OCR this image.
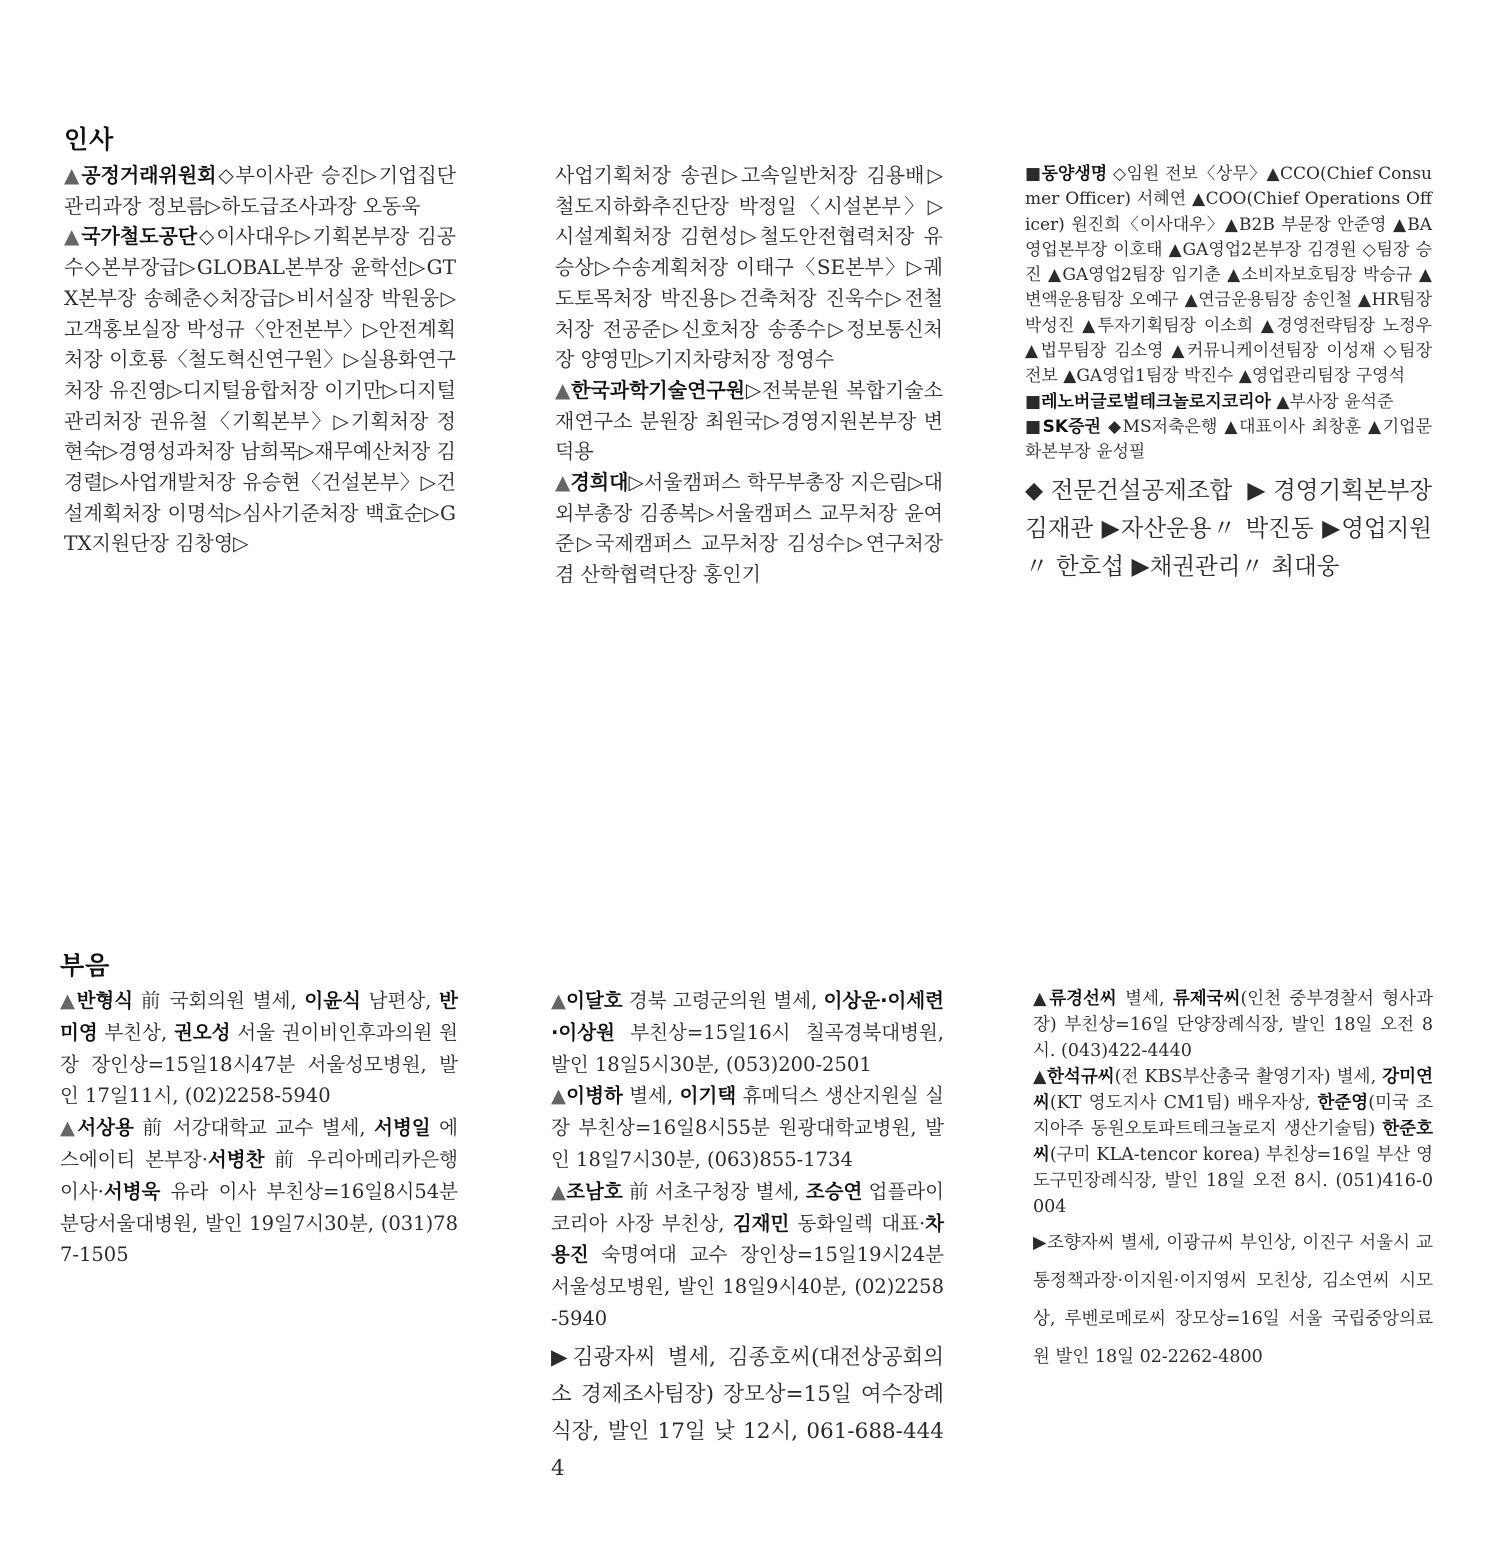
인사

▲공정거래위원회◇부이사관 승진▷기업집단관리과장 정보름▷하도급조사과장 오동욱

▲국가철도공단◇이사대우▷기획본부장 김공수◇본부장급▷GLOBAL본부장 윤학선▷GTX본부장 송혜춘◇처장급▷비서실장 박원웅▷고객홍보실장 박성규〈안전본부〉▷안전계획처장 이호룡〈철도혁신연구원〉▷실용화연구처장 유진영▷디지털융합처장 이기만▷디지털관리처장 권유철〈기획본부〉▷기획처장 정현숙▷경영성과처장 남희목▷재무예산처장 김경렬▷사업개발처장 유승현〈건설본부〉▷건설계획처장 이명석▷심사기준처장 백효순▷GTX지원단장 김창영▷

사업기획처장 송권▷고속일반처장 김용배▷철도지하화추진단장 박정일〈시설본부〉▷시설계획처장 김현성▷철도안전협력처장 유승상▷수송계획처장 이태구〈SE본부〉▷궤도토목처장 박진용▷건축처장 진욱수▷전철처장 전공준▷신호처장 송종수▷정보통신처장 양영민▷기지차량처장 정영수

▲한국과학기술연구원▷전북분원 복합기술소재연구소 분원장 최원국▷경영지원본부장 변덕용

▲경희대▷서울캠퍼스 학무부총장 지은림▷대외부총장 김종복▷서울캠퍼스 교무처장 윤여준▷국제캠퍼스 교무처장 김성수▷연구처장 겸 산학협력단장 홍인기

■동양생명 ◇임원 전보〈상무〉▲CCO(Chief Consumer Officer) 서혜연 ▲COO(Chief Operations Officer) 원진희〈이사대우〉▲B2B 부문장 안준영 ▲BA영업본부장 이호태 ▲GA영업2본부장 김경원 ◇팀장 승진 ▲GA영업2팀장 임기춘 ▲소비자보호팀장 박승규 ▲변액운용팀장 오예구 ▲연금운용팀장 송인철 ▲HR팀장 박성진 ▲투자기획팀장 이소희 ▲경영전략팀장 노정우 ▲법무팀장 김소영 ▲커뮤니케이션팀장 이성재 ◇팀장 전보 ▲GA영업1팀장 박진수 ▲영업관리팀장 구영석

■레노버글로벌테크놀로지코리아 ▲부사장 윤석준

■SK증권 ◆MS저축은행 ▲대표이사 최창훈 ▲기업문화본부장 윤성필

◆전문건설공제조합 ▶경영기획본부장 김재관 ▶자산운용〃 박진동 ▶영업지원〃 한호섭 ▶채권관리〃 최대웅

부음

▲반형식 前 국회의원 별세, 이윤식 남편상, 반미영 부친상, 권오성 서울 권이비인후과의원 원장 장인상=15일18시47분 서울성모병원, 발인 17일11시, (02)2258-5940

▲서상용 前 서강대학교 교수 별세, 서병일 에스에이티 본부장·서병찬 前 우리아메리카은행 이사·서병욱 유라 이사 부친상=16일8시54분 분당서울대병원, 발인 19일7시30분, (031)787-1505

▲이달호 경북 고령군의원 별세, 이상운·이세련·이상원 부친상=15일16시 칠곡경북대병원, 발인 18일5시30분, (053)200-2501

▲이병하 별세, 이기택 휴메딕스 생산지원실 실장 부친상=16일8시55분 원광대학교병원, 발인 18일7시30분, (063)855-1734

▲조남호 前 서초구청장 별세, 조승연 업플라이코리아 사장 부친상, 김재민 동화일렉 대표·차용진 숙명여대 교수 장인상=15일19시24분 서울성모병원, 발인 18일9시40분, (02)2258-5940

▶김광자씨 별세, 김종호씨(대전상공회의소 경제조사팀장) 장모상=15일 여수장례식장, 발인 17일 낮 12시, 061-688-4444

▲류경선씨 별세, 류제국씨(인천 중부경찰서 형사과장) 부친상=16일 단양장례식장, 발인 18일 오전 8시. (043)422-4440

▲한석규씨(전 KBS부산총국 촬영기자) 별세, 강미연씨(KT 영도지사 CM1팀) 배우자상, 한준영(미국 조지아주 동원오토파트테크놀로지 생산기술팀) 한준호씨(구미 KLA-tencor korea) 부친상=16일 부산 영도구민장례식장, 발인 18일 오전 8시. (051)416-0004

▶조향자씨 별세, 이광규씨 부인상, 이진구 서울시 교통정책과장·이지원·이지영씨 모친상, 김소연씨 시모상, 루벤로메로씨 장모상=16일 서울 국립중앙의료원 발인 18일 02-2262-4800
